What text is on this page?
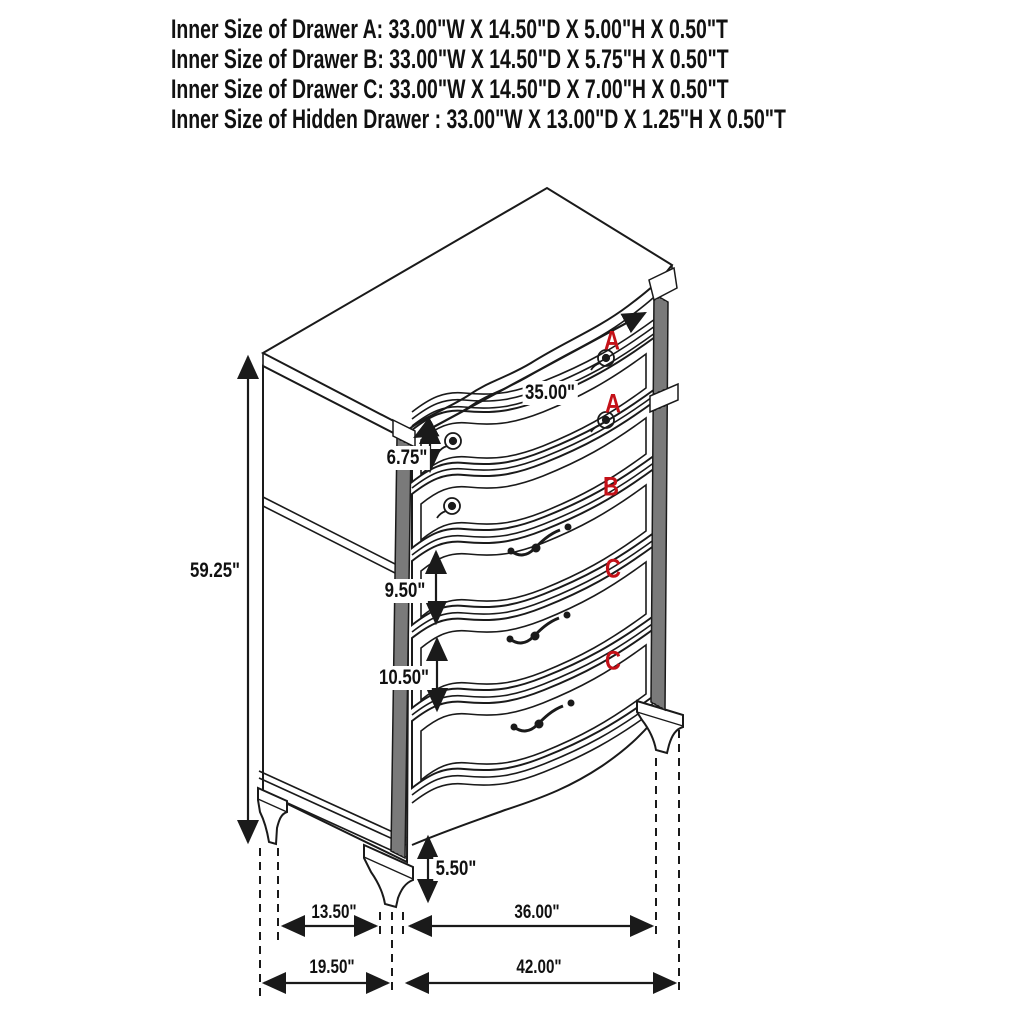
Inner Size of Drawer A: 33.00"W X 14.50"D X 5.00"H X 0.50"T
Inner Size of Drawer B: 33.00"W X 14.50"D X 5.75"H X 0.50"T
Inner Size of Drawer C: 33.00"W X 14.50"D X 7.00"H X 0.50"T
Inner Size of Hidden Drawer : 33.00"W X 13.00"D X 1.25"H X 0.50"T
A
A
B
C
C
59.25"
35.00"
6.75"
9.50"
10.50"
5.50"
13.50"	36.00"
19.50"	42.00"
